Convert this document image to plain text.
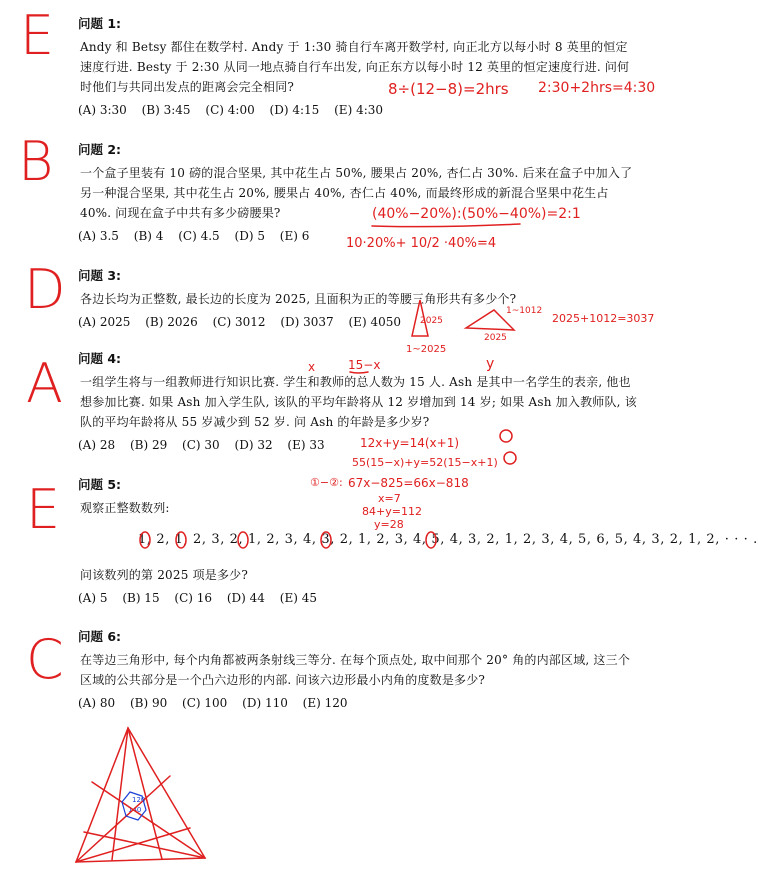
问题 1:
Andy 和 Betsy 都住在数学村. Andy 于 1:30 骑自行车离开数学村, 向正北方以每小时 8 英里的恒定速度行进. Besty 于 2:30 从同一地点骑自行车出发, 向正东方以每小时 12 英里的恒定速度行进. 问何时他们与共同出发点的距离会完全相同?
(A) 3:30 (B) 3:45 (C) 4:00 (D) 4:15 (E) 4:30
问题 2:
一个盒子里装有 10 磅的混合坚果, 其中花生占 50%, 腰果占 20%, 杏仁占 30%. 后来在盒子中加入了另一种混合坚果, 其中花生占 20%, 腰果占 40%, 杏仁占 40%, 而最终形成的新混合坚果中花生占 40%. 问现在盒子中共有多少磅腰果?
(A) 3.5 (B) 4 (C) 4.5 (D) 5 (E) 6
问题 3:
各边长均为正整数, 最长边的长度为 2025, 且面积为正的等腰三角形共有多少个?
(A) 2025 (B) 2026 (C) 3012 (D) 3037 (E) 4050
问题 4:
一组学生将与一组教师进行知识比赛. 学生和教师的总人数为 15 人. Ash 是其中一名学生的表亲, 他也想参加比赛. 如果 Ash 加入学生队, 该队的平均年龄将从 12 岁增加到 14 岁; 如果 Ash 加入教师队, 该队的平均年龄将从 55 岁减少到 52 岁. 问 Ash 的年龄是多少岁?
(A) 28 (B) 29 (C) 30 (D) 32 (E) 33
问题 5:
观察正整数数列:
1, 2, 1, 2, 3, 2, 1, 2, 3, 4, 3, 2, 1, 2, 3, 4, 5, 4, 3, 2, 1, 2, 3, 4, 5, 6, 5, 4, 3, 2, 1, 2, · · · .
问该数列的第 2025 项是多少?
(A) 5 (B) 15 (C) 16 (D) 44 (E) 45
问题 6:
在等边三角形中, 每个内角都被两条射线三等分. 在每个顶点处, 取中间那个 20° 角的内部区域, 这三个区域的公共部分是一个凸六边形的内部. 问该六边形最小内角的度数是多少?
(A) 80 (B) 90 (C) 100 (D) 110 (E) 120
E
B
D
A
E
C
8÷(12−8)=2hrs 2:30+2hrs=4:30
(40%−20%):(50%−40%)=2:1
10·20%+ 10/2 ·40%=4
2025
2025
1~2025
1~1012
2025+1012=3037
x	15−x	y
12x+y=14(x+1)
55(15−x)+y=52(15−x+1)
①−②: 67x−825=66x−818
x=7
84+y=112
y=28
120
140
